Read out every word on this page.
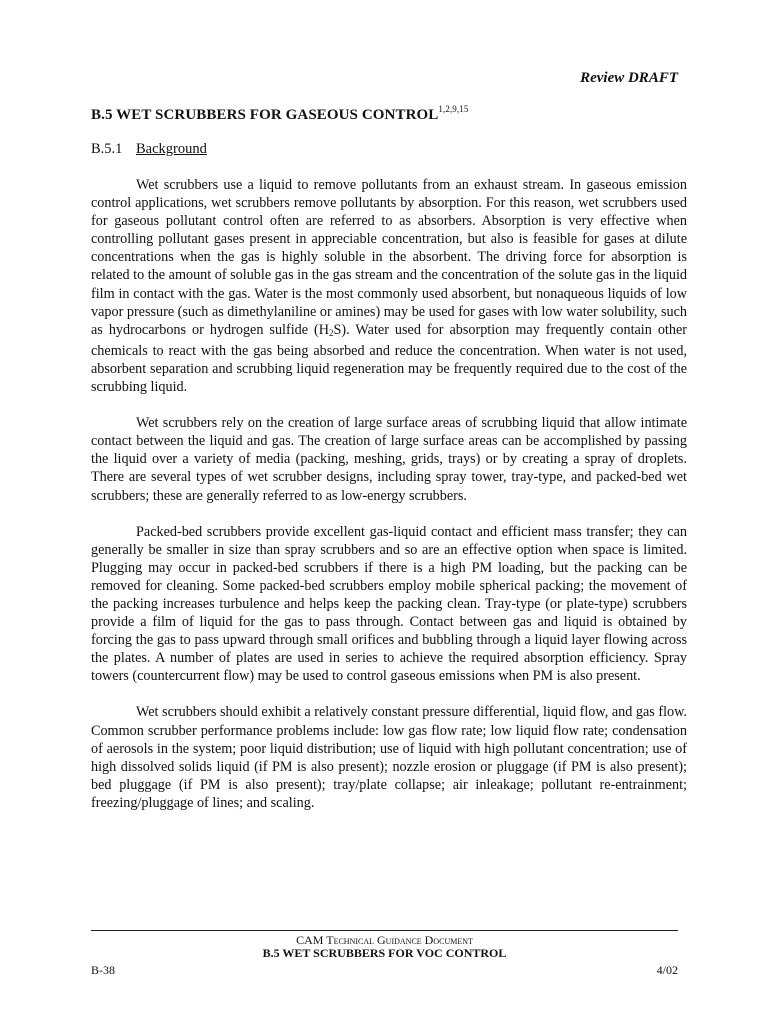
Review DRAFT
B.5 WET SCRUBBERS FOR GASEOUS CONTROL$^{1,2,9,15}$
B.5.1 Background

Wet scrubbers use a liquid to remove pollutants from an exhaust stream. In gaseous emission control applications, wet scrubbers remove pollutants by absorption. For this reason, wet scrubbers used for gaseous pollutant control often are referred to as absorbers. Absorption is very effective when controlling pollutant gases present in appreciable concentration, but also is feasible for gases at dilute concentrations when the gas is highly soluble in the absorbent. The driving force for absorption is related to the amount of soluble gas in the gas stream and the concentration of the solute gas in the liquid film in contact with the gas. Water is the most commonly used absorbent, but nonaqueous liquids of low vapor pressure (such as dimethylaniline or amines) may be used for gases with low water solubility, such as hydrocarbons or hydrogen sulfide $(H_2S)$. Water used for absorption may frequently contain other chemicals to react with the gas being absorbed and reduce the concentration. When water is not used, absorbent separation and scrubbing liquid regeneration may be frequently required due to the cost of the scrubbing liquid.

Wet scrubbers rely on the creation of large surface areas of scrubbing liquid that allow intimate contact between the liquid and gas. The creation of large surface areas can be accomplished by passing the liquid over a variety of media (packing, meshing, grids, trays) or by creating a spray of droplets. There are several types of wet scrubber designs, including spray tower, tray-type, and packed-bed wet scrubbers; these are generally referred to as low-energy scrubbers.

Packed-bed scrubbers provide excellent gas-liquid contact and efficient mass transfer; they can generally be smaller in size than spray scrubbers and so are an effective option when space is limited. Plugging may occur in packed-bed scrubbers if there is a high PM loading, but the packing can be removed for cleaning. Some packed-bed scrubbers employ mobile spherical packing; the movement of the packing increases turbulence and helps keep the packing clean. Tray-type (or plate-type) scrubbers provide a film of liquid for the gas to pass through. Contact between gas and liquid is obtained by forcing the gas to pass upward through small orifices and bubbling through a liquid layer flowing across the plates. A number of plates are used in series to achieve the required absorption efficiency. Spray towers (countercurrent flow) may be used to control gaseous emissions when PM is also present.

Wet scrubbers should exhibit a relatively constant pressure differential, liquid flow, and gas flow. Common scrubber performance problems include: low gas flow rate; low liquid flow rate; condensation of aerosols in the system; poor liquid distribution; use of liquid with high pollutant concentration; use of high dissolved solids liquid (if PM is also present); nozzle erosion or pluggage (if PM is also present); bed pluggage (if PM is also present); tray/plate collapse; air inleakage; pollutant re-entrainment; freezing/pluggage of lines; and scaling.

CAM Technical Guidance Document
B.5 WET SCRUBBERS FOR VOC CONTROL
B-38	4/02
